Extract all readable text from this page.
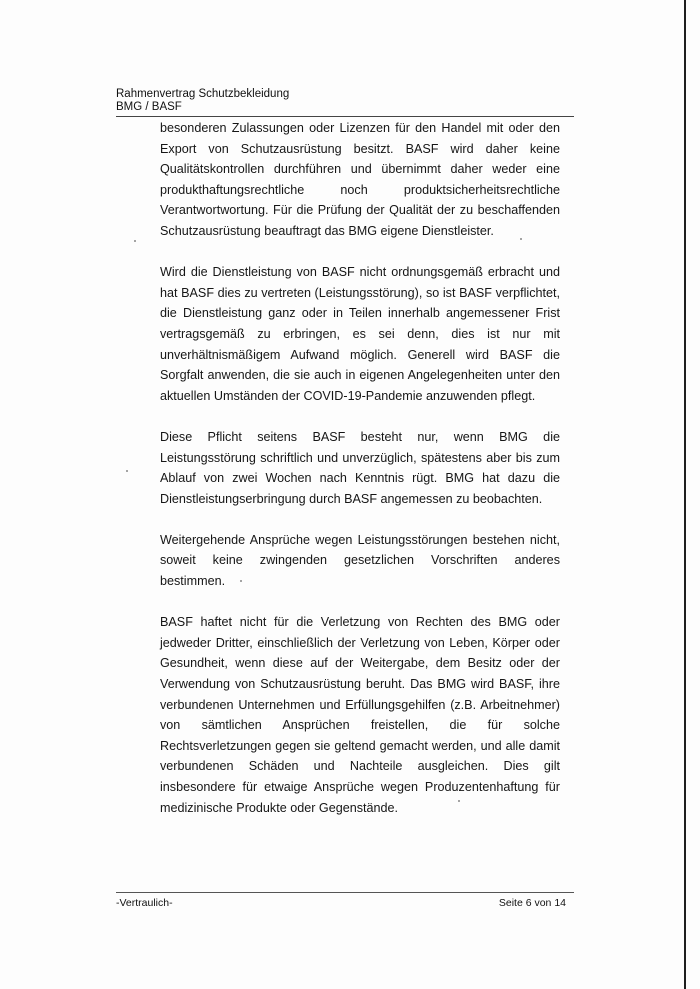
Rahmenvertrag Schutzbekleidung
BMG / BASF

besonderen Zulassungen oder Lizenzen für den Handel mit oder den Export von Schutzausrüstung besitzt. BASF wird daher keine Qualitätskontrollen durchführen und übernimmt daher weder eine produkthaftungsrechtliche noch produktsicherheitsrechtliche Verantwortwortung. Für die Prüfung der Qualität der zu beschaffenden Schutzausrüstung beauftragt das BMG eigene Dienstleister.

Wird die Dienstleistung von BASF nicht ordnungsgemäß erbracht und hat BASF dies zu vertreten (Leistungsstörung), so ist BASF verpflichtet, die Dienstleistung ganz oder in Teilen innerhalb angemessener Frist vertragsgemäß zu erbringen, es sei denn, dies ist nur mit unverhältnismäßigem Aufwand möglich. Generell wird BASF die Sorgfalt anwenden, die sie auch in eigenen Angelegenheiten unter den aktuellen Umständen der COVID-19-Pandemie anzuwenden pflegt.

Diese Pflicht seitens BASF besteht nur, wenn BMG die Leistungsstörung schriftlich und unverzüglich, spätestens aber bis zum Ablauf von zwei Wochen nach Kenntnis rügt. BMG hat dazu die Dienstleistungserbringung durch BASF angemessen zu beobachten.

Weitergehende Ansprüche wegen Leistungsstörungen bestehen nicht, soweit keine zwingenden gesetzlichen Vorschriften anderes bestimmen.

BASF haftet nicht für die Verletzung von Rechten des BMG oder jedweder Dritter, einschließlich der Verletzung von Leben, Körper oder Gesundheit, wenn diese auf der Weitergabe, dem Besitz oder der Verwendung von Schutzausrüstung beruht. Das BMG wird BASF, ihre verbundenen Unternehmen und Erfüllungsgehilfen (z.B. Arbeitnehmer) von sämtlichen Ansprüchen freistellen, die für solche Rechtsverletzungen gegen sie geltend gemacht werden, und alle damit verbundenen Schäden und Nachteile ausgleichen. Dies gilt insbesondere für etwaige Ansprüche wegen Produzentenhaftung für medizinische Produkte oder Gegenstände.

-Vertraulich-	Seite 6 von 14
